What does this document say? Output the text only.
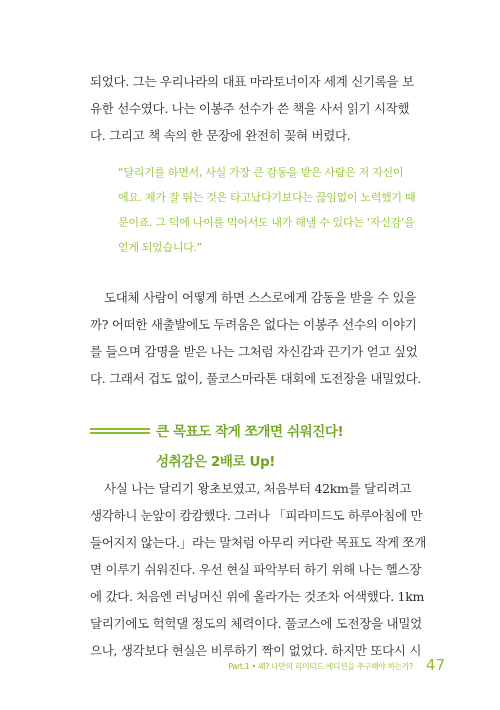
되었다. 그는 우리나라의 대표 마라토너이자 세계 신기록을 보
유한 선수였다. 나는 이봉주 선수가 쓴 책을 사서 읽기 시작했
다. 그리고 책 속의 한 문장에 완전히 꽂혀 버렸다.
“달리기를 하면서, 사실 가장 큰 감동을 받은 사람은 저 자신이
에요. 제가 잘 뛰는 것은 타고났다기보다는 끊임없이 노력했기 때
문이죠. 그 덕에 나이를 먹어서도 내가 해낼 수 있다는 ‘자신감’을
얻게 되었습니다.”
도대체 사람이 어떻게 하면 스스로에게 감동을 받을 수 있을
까? 어떠한 새출발에도 두려움은 없다는 이봉주 선수의 이야기
를 들으며 감명을 받은 나는 그처럼 자신감과 끈기가 얻고 싶었
다. 그래서 겁도 없이, 풀코스마라톤 대회에 도전장을 내밀었다.
큰 목표도 작게 쪼개면 쉬워진다!
성취감은 2배로 Up!
사실 나는 달리기 왕초보였고, 처음부터 42km를 달리려고
생각하니 눈앞이 캄캄했다. 그러나 「피라미드도 하루아침에 만
들어지지 않는다.」라는 말처럼 아무리 커다란 목표도 작게 쪼개
면 이루기 쉬워진다. 우선 현실 파악부터 하기 위해 나는 헬스장
에 갔다. 처음엔 러닝머신 위에 올라가는 것조차 어색했다. 1km
달리기에도 헉헉댈 정도의 체력이다. 풀코스에 도전장을 내밀었
으나, 생각보다 현실은 비루하기 짝이 없었다. 하지만 또다시 시
Part.1 • 왜? 나만의 리미티드 에디션을 추구해야 하는가? 47
